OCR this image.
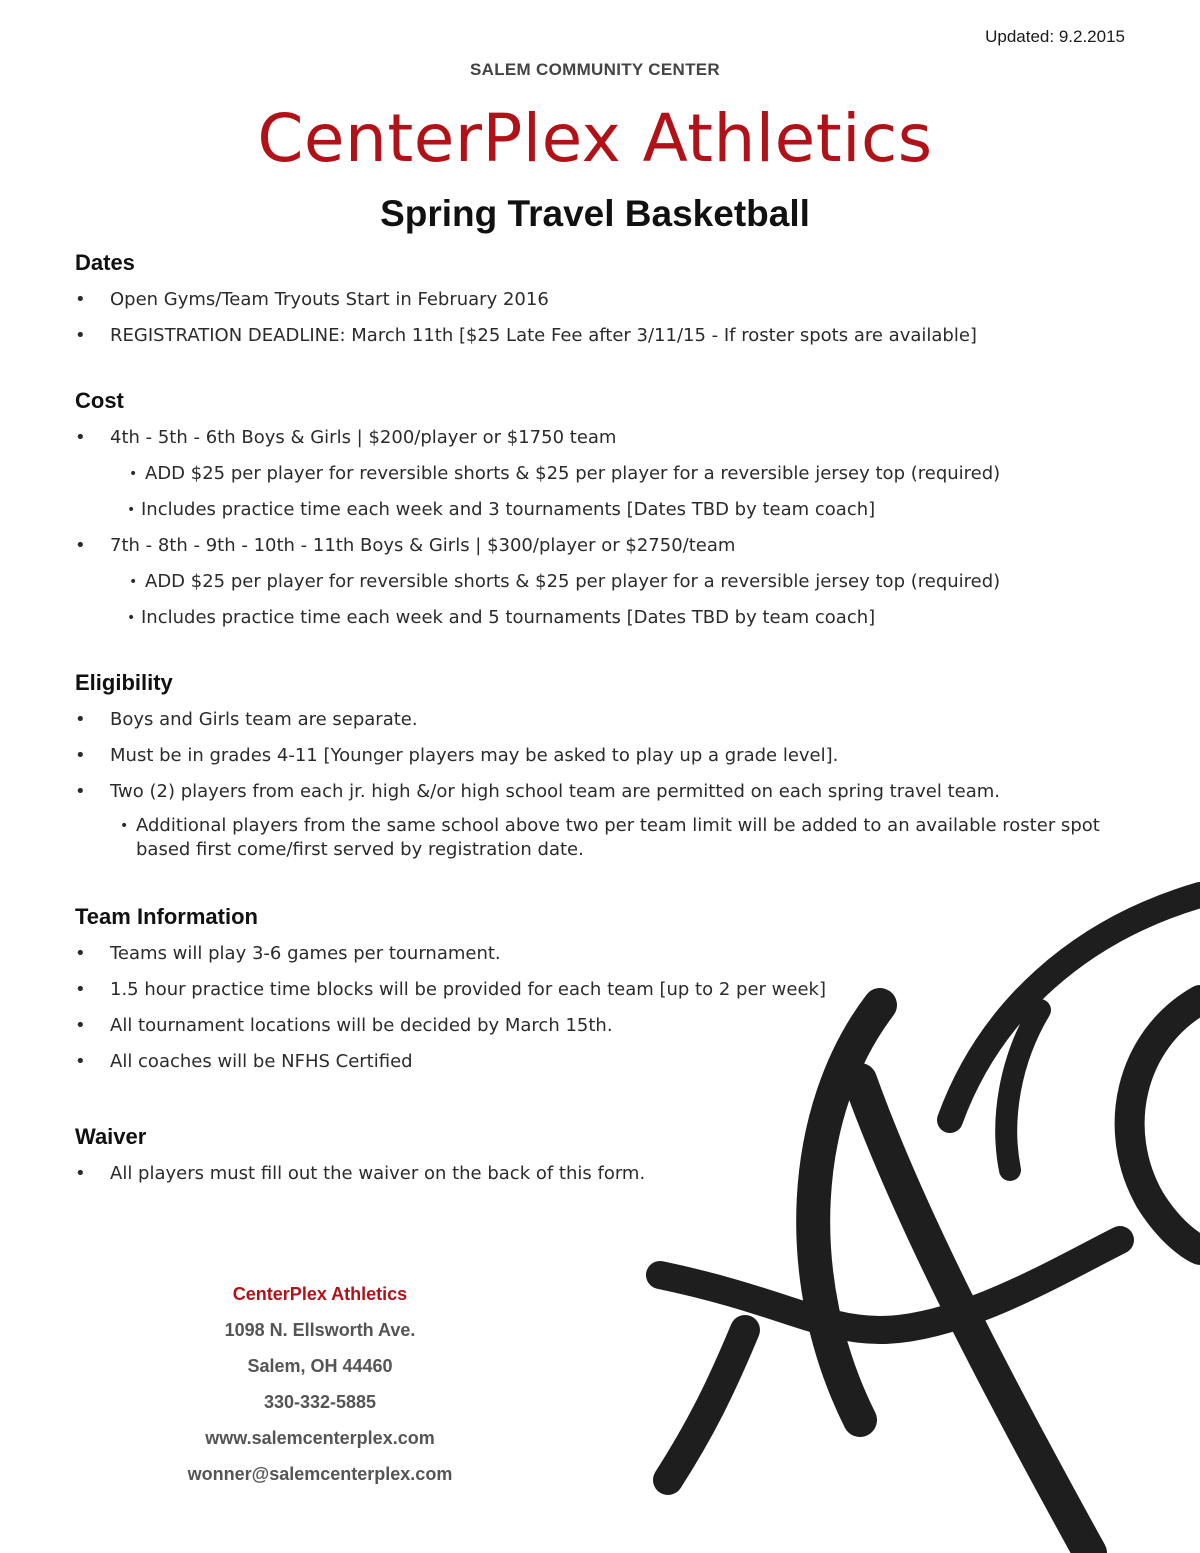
Updated: 9.2.2015
SALEM COMMUNITY CENTER
CenterPlex Athletics
Spring Travel Basketball
Dates
• Open Gyms/Team Tryouts Start in February 2016
• REGISTRATION DEADLINE: March 11th [$25 Late Fee after 3/11/15 - If roster spots are available]
Cost
• 4th - 5th - 6th Boys & Girls | $200/player or $1750 team
• ADD $25 per player for reversible shorts & $25 per player for a reversible jersey top (required)
• Includes practice time each week and 3 tournaments [Dates TBD by team coach]
• 7th - 8th - 9th - 10th - 11th Boys & Girls | $300/player or $2750/team
• ADD $25 per player for reversible shorts & $25 per player for a reversible jersey top (required)
• Includes practice time each week and 5 tournaments [Dates TBD by team coach]
Eligibility
• Boys and Girls team are separate.
• Must be in grades 4-11 [Younger players may be asked to play up a grade level].
• Two (2) players from each jr. high &/or high school team are permitted on each spring travel team.
• Additional players from the same school above two per team limit will be added to an available roster spot based first come/first served by registration date.
Team Information
• Teams will play 3-6 games per tournament.
• 1.5 hour practice time blocks will be provided for each team [up to 2 per week]
• All tournament locations will be decided by March 15th.
• All coaches will be NFHS Certified
Waiver
• All players must fill out the waiver on the back of this form.
CenterPlex Athletics
1098 N. Ellsworth Ave.
Salem, OH 44460
330-332-5885
www.salemcenterplex.com
wonner@salemcenterplex.com
